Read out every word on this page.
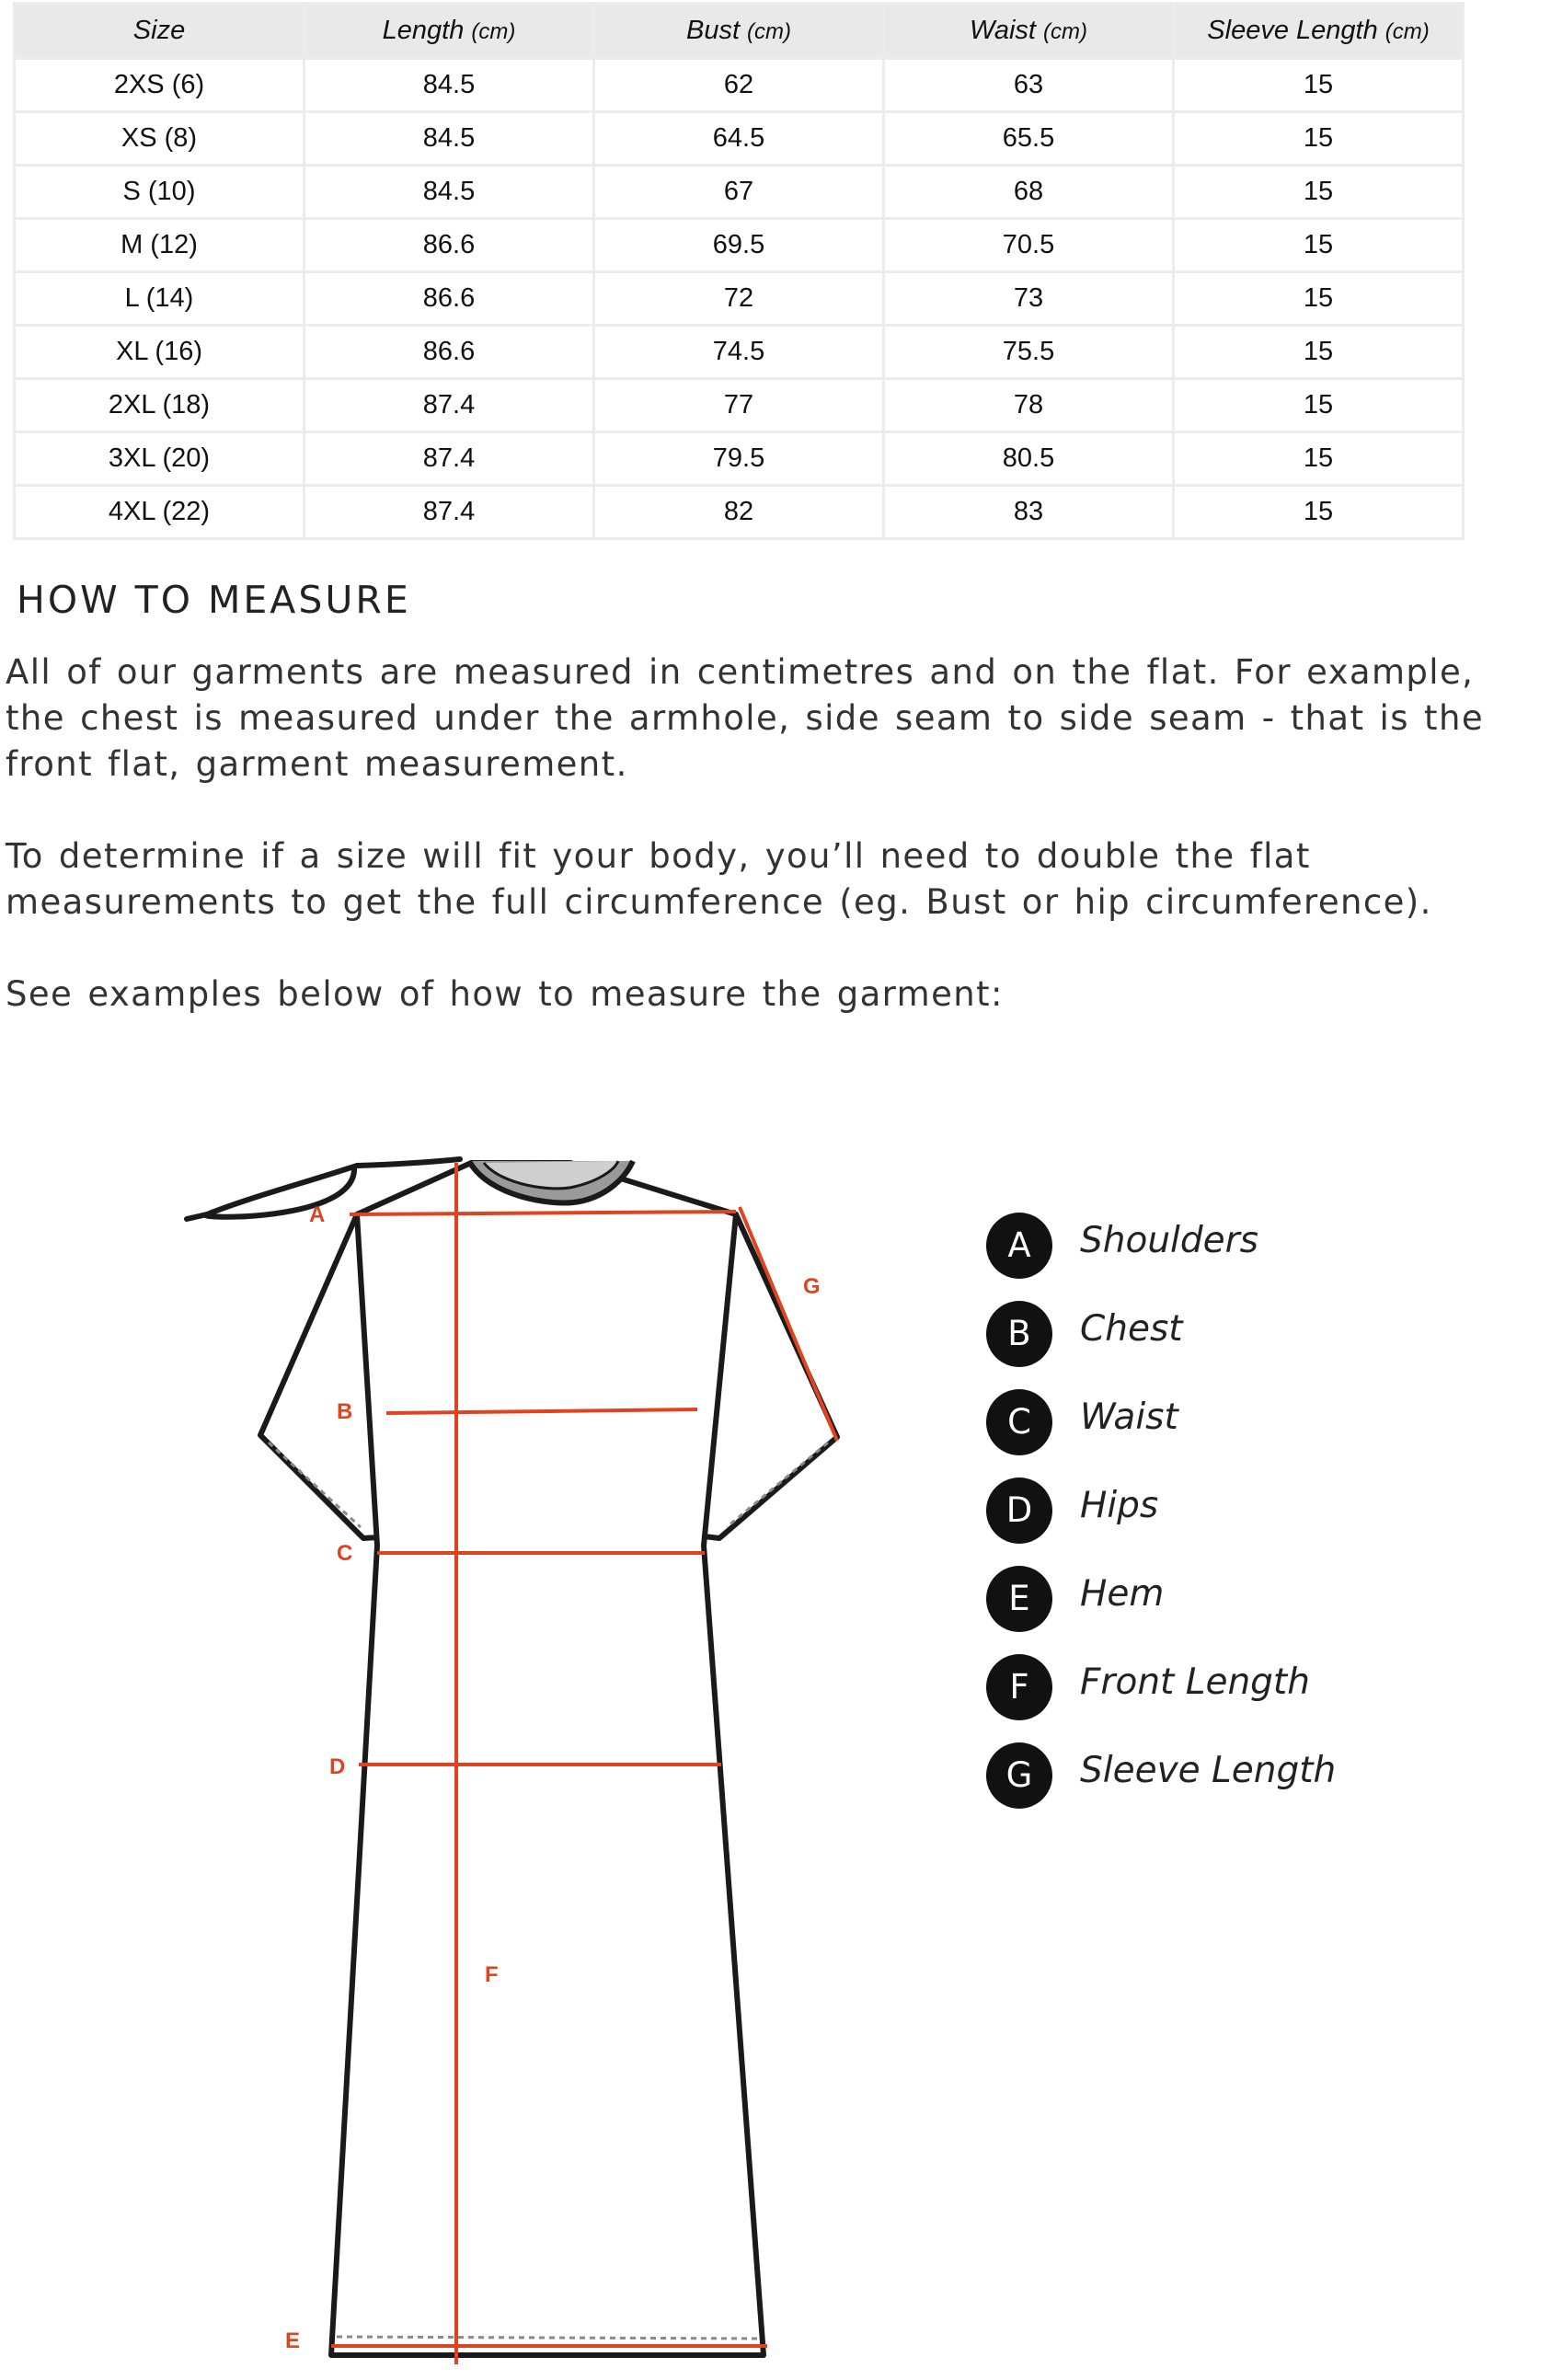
Size	Length (cm)	Bust (cm)	Waist (cm)	Sleeve Length (cm)
2XS (6)	84.5	62	63	15
XS (8)	84.5	64.5	65.5	15
S (10)	84.5	67	68	15
M (12)	86.6	69.5	70.5	15
L (14)	86.6	72	73	15
XL (16)	86.6	74.5	75.5	15
2XL (18)	87.4	77	78	15
3XL (20)	87.4	79.5	80.5	15
4XL (22)	87.4	82	83	15
HOW TO MEASURE

All of our garments are measured in centimetres and on the flat. For example, the chest is measured under the armhole, side seam to side seam - that is the front flat, garment measurement.

To determine if a size will fit your body, you’ll need to double the flat measurements to get the full circumference (eg. Bust or hip circumference).

See examples below of how to measure the garment:

A
B
C
D
E
F
G
A	Shoulders
B	Chest
C	Waist
D	Hips
E	Hem
F	Front Length
G	Sleeve Length
